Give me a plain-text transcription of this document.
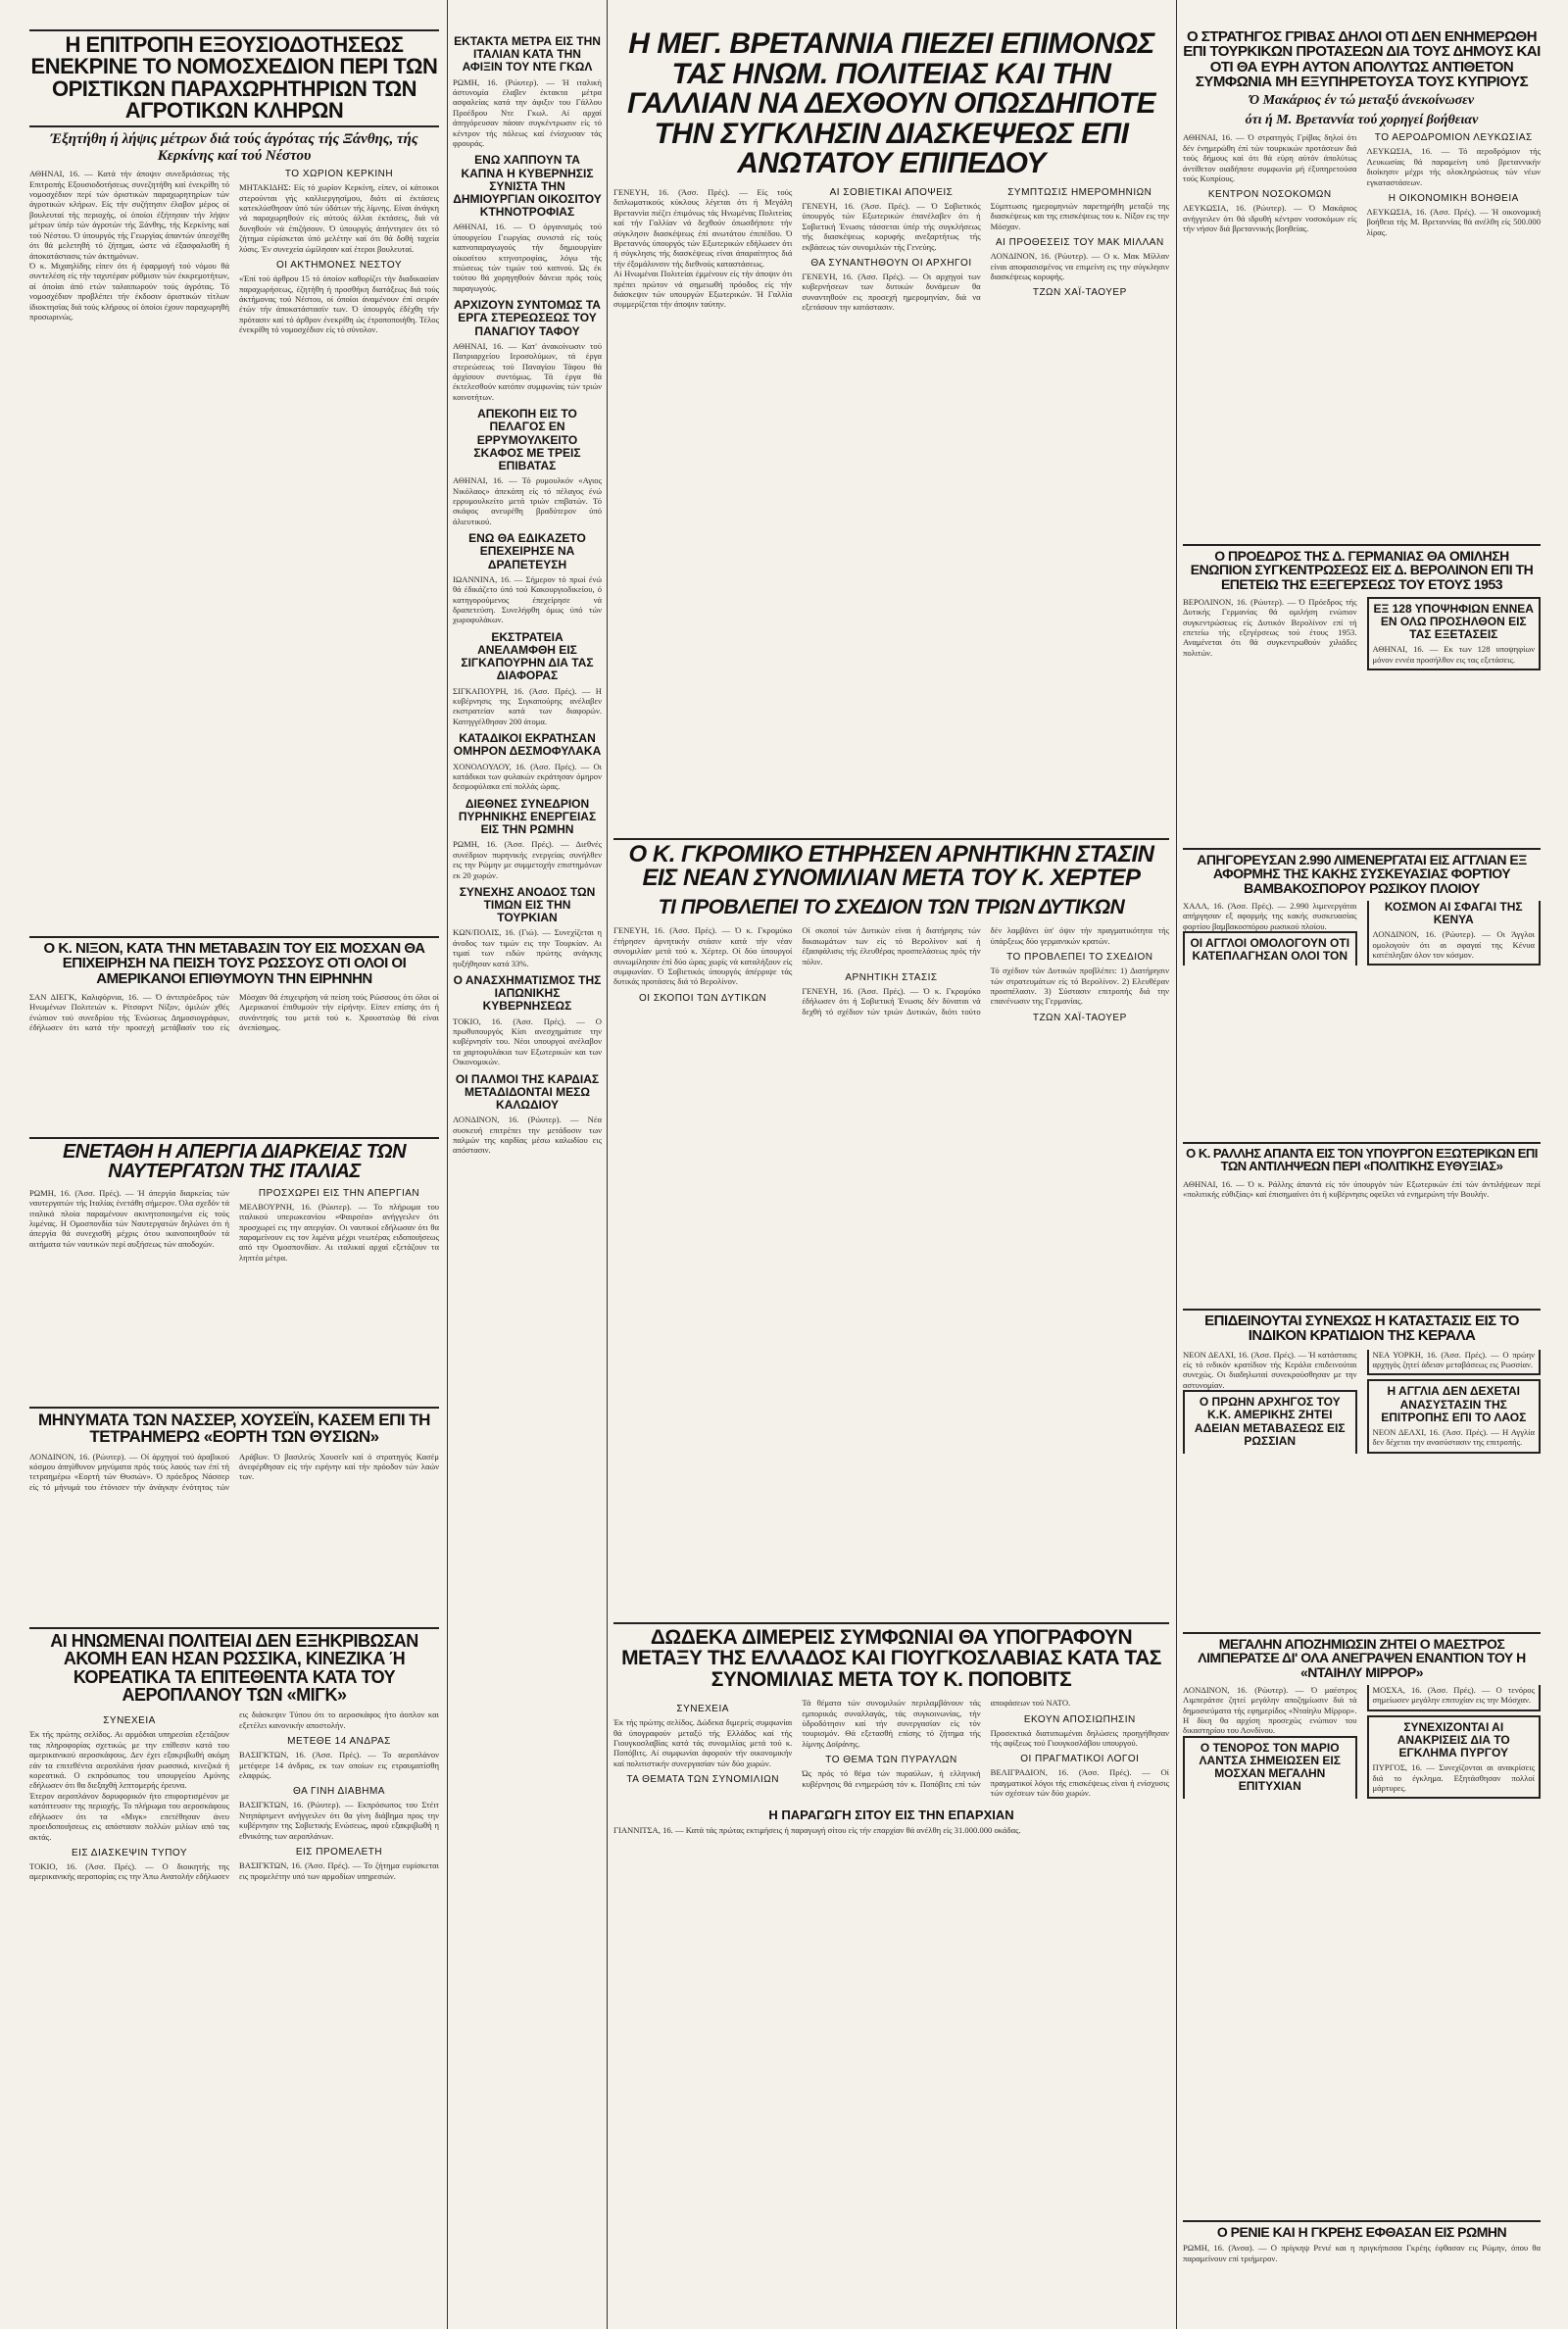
Η ΕΠΙΤΡΟΠΗ ΕΞΟΥΣΙΟΔΟΤΗΣΕΩΣ ΕΝΕΚΡΙΝΕ ΤΟ ΝΟΜΟΣΧΕΔΙΟΝ ΠΕΡΙ ΤΩΝ ΟΡΙΣΤΙΚΩΝ ΠΑΡΑΧΩΡΗΤΗΡΙΩΝ ΤΩΝ ΑΓΡΟΤΙΚΩΝ ΚΛΗΡΩΝ

Έξητήθη ή λήψις μέτρων διά τούς άγρότας τής Ξάνθης, τής Κερκίνης καί τού Νέστου

ΑΘΗΝΑΙ, 16. — Κατά τήν άποψιν συνεδριάσεως τής Επιτροπής Εξουσιοδοτήσεως συνεζητήθη καί ένεκρίθη τό νομοσχέδιον περί τών όριστικών παραχωρητηρίων τών άγροτικών κλήρων. Είς τήν συζήτησιν έλαβον μέρος οί βουλευταί τής περιοχής, οί όποίοι έξήτησαν τήν λήψιν μέτρων ύπέρ τών άγροτών τής Ξάνθης, τής Κερκίνης καί τού Νέστου. Ό ύπουργός τής Γεωργίας άπαντών ύπεσχέθη ότι θά μελετηθή τό ζήτημα, ώστε νά έξασφαλισθή ή άποκατάστασις τών άκτημόνων.

Ό κ. Μιχαηλίδης είπεν ότι ή έφαρμογή τού νόμου θά συντελέση είς τήν ταχυτέραν ρύθμισιν τών έκκρεμοτήτων, αί όποίαι άπό ετών ταλαιπωρούν τούς άγρότας. Τό νομοσχέδιον προβλέπει τήν έκδοσιν όριστικών τίτλων ίδιοκτησίας διά τούς κλήρους οί όποίοι έχουν παραχωρηθή προσωρινώς.

ΤΟ ΧΩΡΙΟΝ ΚΕΡΚΙΝΗ

ΜΗΤΑΚΙΔΗΣ: Είς τό χωρίον Κερκίνη, είπεν, οί κάτοικοι στερούνται γής καλλιεργησίμου, διότι αί έκτάσεις κατεκλύσθησαν ύπό τών ύδάτων τής λίμνης. Είναι άνάγκη νά παραχωρηθούν είς αύτούς άλλαι έκτάσεις, διά νά δυνηθούν νά έπιζήσουν. Ό ύπουργός άπήντησεν ότι τό ζήτημα εύρίσκεται ύπό μελέτην καί ότι θά δοθή ταχεία λύσις. Έν συνεχεία ώμίλησαν καί έτεροι βουλευταί.

ΟΙ ΑΚΤΗΜΟΝΕΣ ΝΕΣΤΟΥ

«Έπί τού άρθρου 15 τό όποίον καθορίζει τήν διαδικασίαν παραχωρήσεως, έζητήθη ή προσθήκη διατάξεως διά τούς άκτήμονας τού Νέστου, οί όποίοι άναμένουν έπί σειράν έτών τήν άποκατάστασίν των. Ό ύπουργός έδέχθη τήν πρότασιν καί τό άρθρον ένεκρίθη ώς έτροποποιήθη. Τέλος ένεκρίθη τό νομοσχέδιον είς τό σύνολον.

Ο Κ. ΝΙΞΟΝ, ΚΑΤΑ ΤΗΝ ΜΕΤΑΒΑΣΙΝ ΤΟΥ ΕΙΣ ΜΟΣΧΑΝ ΘΑ ΕΠΙΧΕΙΡΗΣΗ ΝΑ ΠΕΙΣΗ ΤΟΥΣ ΡΩΣΣΟΥΣ ΟΤΙ ΟΛΟΙ ΟΙ ΑΜΕΡΙΚΑΝΟΙ ΕΠΙΘΥΜΟΥΝ ΤΗΝ ΕΙΡΗΝΗΝ

ΣΑΝ ΔΙΕΓΚ, Καλιφόρνια, 16. — Ό άντιπρόεδρος τών Ηνωμένων Πολιτειών κ. Ρίτσαρντ Νίξον, όμιλών χθές ένώπιον τού συνεδρίου τής Ένώσεως Δημοσιογράφων, έδήλωσεν ότι κατά τήν προσεχή μετάβασίν του είς Μόσχαν θά έπιχειρήση νά πείση τούς Ρώσσους ότι όλοι οί Αμερικανοί έπιθυμούν τήν είρήνην. Είπεν επίσης ότι ή συνάντησίς του μετά τού κ. Χρουστσώφ θά είναι άνεπίσημος.

ΕΝΕΤΑΘΗ Η ΑΠΕΡΓΙΑ ΔΙΑΡΚΕΙΑΣ ΤΩΝ ΝΑΥΤΕΡΓΑΤΩΝ ΤΗΣ ΙΤΑΛΙΑΣ

ΡΩΜΗ, 16. (Άσσ. Πρές). — Ή άπεργία διαρκείας τών ναυτεργατών τής Ιταλίας ένετάθη σήμερον. Όλα σχεδόν τά ιταλικά πλοία παραμένουν ακινητοποιημένα είς τούς λιμένας. Η Ομοσπονδία τών Ναυτεργατών δηλώνει ότι ή άπεργία θά συνεχισθή μέχρις ότου ικανοποιηθούν τά αιτήματα τών ναυτικών περί αυξήσεως τών αποδοχών.

ΠΡΟΣΧΩΡΕΙ ΕΙΣ ΤΗΝ ΑΠΕΡΓΙΑΝ

ΜΕΛΒΟΥΡΝΗ, 16. (Ρώυτερ). — Το πλήρωμα του ιταλικού υπερωκεανίου «Φαιρσέα» ανήγγειλεν ότι προσχωρεί εις την απεργίαν. Οι ναυτικοί εδήλωσαν ότι θα παραμείνουν εις τον λιμένα μέχρι νεωτέρας ειδοποιήσεως από την Ομοσπονδίαν. Αι ιταλικαί αρχαί εξετάζουν τα ληπτέα μέτρα.

ΜΗΝΥΜΑΤΑ ΤΩΝ ΝΑΣΣΕΡ, ΧΟΥΣΕΪΝ, ΚΑΣΕΜ ΕΠΙ ΤΗ ΤΕΤΡΑΗΜΕΡΩ «ΕΟΡΤΗ ΤΩΝ ΘΥΣΙΩΝ»

ΛΟΝΔΙΝΟΝ, 16. (Ρώυτερ). — Οί άρχηγοί τού άραβικού κόσμου άπηύθυνον μηνύματα πρός τούς λαούς των έπί τή τετραημέρω «Εορτή τών Θυσιών». Ό πρόεδρος Νάσσερ είς τό μήνυμά του έτόνισεν τήν άνάγκην ένότητος τών Αράβων. Ό βασιλεύς Χουσεΐν καί ό στρατηγός Κασέμ άνεφέρθησαν είς τήν ειρήνην καί τήν πρόοδον τών λαών των.

ΑΙ ΗΝΩΜΕΝΑΙ ΠΟΛΙΤΕΙΑΙ ΔΕΝ ΕΞΗΚΡΙΒΩΣΑΝ ΑΚΟΜΗ ΕΑΝ ΗΣΑΝ ΡΩΣΣΙΚΑ, ΚΙΝΕΖΙΚΑ Ή ΚΟΡΕΑΤΙΚΑ ΤΑ ΕΠΙΤΕΘΕΝΤΑ ΚΑΤΑ ΤΟΥ ΑΕΡΟΠΛΑΝΟΥ ΤΩΝ «ΜΙΓΚ»
ΣΥΝΕΧΕΙΑ

Έκ τής πρώτης σελίδος. Αι αρμόδιαι υπηρεσίαι εξετάζουν τας πληροφορίας σχετικώς με την επίθεσιν κατά του αμερικανικού αεροσκάφους. Δεν έχει εξακριβωθή ακόμη εάν τα επιτεθέντα αεροπλάνα ήσαν ρωσσικά, κινεζικά ή κορεατικά. Ο εκπρόσωπος του υπουργείου Αμύνης εδήλωσεν ότι θα διεξαχθή λεπτομερής έρευνα.

Έτερον αεροπλάνον δορυφορικόν ήτο επιφορτισμένον με κατόπτευσιν της περιοχής. Το πλήρωμα του αεροσκάφους εδήλωσεν ότι τα «Μιγκ» επετέθησαν άνευ προειδοποιήσεως εις απόστασιν πολλών μιλίων από τας ακτάς.

ΕΙΣ ΔΙΑΣΚΕΨΙΝ ΤΥΠΟΥ

ΤΟΚΙΟ, 16. (Άσσ. Πρές). — Ο διοικητής της αμερικανικής αεροπορίας εις την Άπω Ανατολήν εδήλωσεν εις διάσκεψιν Τύπου ότι το αεροσκάφος ήτο άοπλον και εξετέλει κανονικήν αποστολήν.

ΜΕΤΕΘΕ 14 ΑΝΔΡΑΣ

ΒΑΣΙΓΚΤΩΝ, 16. (Άσσ. Πρές). — Το αεροπλάνον μετέφερε 14 άνδρας, εκ των οποίων εις ετραυματίσθη ελαφρώς.

ΘΑ ΓΙΝΗ ΔΙΑΒΗΜΑ

ΒΑΣΙΓΚΤΩΝ, 16. (Ρώυτερ). — Εκπρόσωπος του Στέιτ Ντηπάρτμεντ ανήγγειλεν ότι θα γίνη διάβημα προς την κυβέρνησιν της Σοβιετικής Ενώσεως, αφού εξακριβωθή η εθνικότης των αεροπλάνων.

ΕΙΣ ΠΡΟΜΕΛΕΤΗ

ΒΑΣΙΓΚΤΩΝ, 16. (Άσσ. Πρές). — Το ζήτημα ευρίσκεται εις προμελέτην υπό των αρμοδίων υπηρεσιών.

ΕΚΤΑΚΤΑ ΜΕΤΡΑ ΕΙΣ ΤΗΝ ΙΤΑΛΙΑΝ ΚΑΤΑ ΤΗΝ ΑΦΙΞΙΝ ΤΟΥ ΝΤΕ ΓΚΩΛ

ΡΩΜΗ, 16. (Ρώυτερ). — Ή ιταλική άστυνομία έλαβεν έκτακτα μέτρα ασφαλείας κατά την άφιξιν του Γάλλου Προέδρου Ντε Γκωλ. Αί αρχαί άπηγόρευσαν πάσαν συγκέντρωσιν είς τό κέντρον τής πόλεως καί ένίσχυσαν τάς φρουράς.

ΕΝΩ ΧΑΠΠΟΥΝ ΤΑ ΚΑΠΝΑ Η ΚΥΒΕΡΝΗΣΙΣ ΣΥΝΙΣΤΑ ΤΗΝ ΔΗΜΙΟΥΡΓΙΑΝ ΟΙΚΟΣΙΤΟΥ ΚΤΗΝΟΤΡΟΦΙΑΣ

ΑΘΗΝΑΙ, 16. — Ό όργανισμός τού ύπουργείου Γεωργίας συνιστά είς τούς καπνοπαραγωγούς τήν δημιουργίαν οίκοσίτου κτηνοτροφίας, λόγω τής πτώσεως τών τιμών τού καπνού. Ώς έκ τούτου θά χορηγηθούν δάνεια πρός τούς παραγωγούς.

ΑΡΧΙΖΟΥΝ ΣΥΝΤΟΜΩΣ ΤΑ ΕΡΓΑ ΣΤΕΡΕΩΣΕΩΣ ΤΟΥ ΠΑΝΑΓΙΟΥ ΤΑΦΟΥ

ΑΘΗΝΑΙ, 16. — Κατ' άνακοίνωσιν τού Πατριαρχείου Ιεροσολύμων, τά έργα στερεώσεως τού Παναγίου Τάφου θά άρχίσουν συντόμως. Τά έργα θά έκτελεσθούν κατόπιν συμφωνίας τών τριών κοινοτήτων.

ΑΠΕΚΟΠΗ ΕΙΣ ΤΟ ΠΕΛΑΓΟΣ ΕΝ ΕΡΡΥΜΟΥΛΚΕΙΤΟ ΣΚΑΦΟΣ ΜΕ ΤΡΕΙΣ ΕΠΙΒΑΤΑΣ

ΑΘΗΝΑΙ, 16. — Τό ρυμουλκόν «Αγιος Νικόλαος» άπεκόπη είς τό πέλαγος ένώ ερρυμουλκείτο μετά τριών επιβατών. Τό σκάφος ανευρέθη βραδύτερον ύπό άλιευτικού.

ΕΝΩ ΘΑ ΕΔΙΚΑΖΕΤΟ ΕΠΕΧΕΙΡΗΣΕ ΝΑ ΔΡΑΠΕΤΕΥΣΗ

ΙΩΑΝΝΙΝΑ, 16. — Σήμερον τό πρωί ένώ θά έδικάζετο ύπό τού Κακουργιοδικείου, ό κατηγορούμενος έπεχείρησε νά δραπετεύση. Συνελήφθη όμως ύπό τών χωροφυλάκων.

ΕΚΣΤΡΑΤΕΙΑ ΑΝΕΛΑΜΦΘΗ ΕΙΣ ΣΙΓΚΑΠΟΥΡΗΝ ΔΙΑ ΤΑΣ ΔΙΑΦΟΡΑΣ

ΣΙΓΚΑΠΟΥΡΗ, 16. (Άσσ. Πρές). — Η κυβέρνησις της Σιγκαπούρης ανέλαβεν εκστρατείαν κατά των διαφορών. Κατηγγέλθησαν 200 άτομα.

ΚΑΤΑΔΙΚΟΙ ΕΚΡΑΤΗΣΑΝ ΟΜΗΡΟΝ ΔΕΣΜΟΦΥΛΑΚΑ

ΧΟΝΟΛΟΥΛΟΥ, 16. (Άσσ. Πρές). — Οι κατάδικοι των φυλακών εκράτησαν όμηρον δεσμοφύλακα επί πολλάς ώρας.

ΔΙΕΘΝΕΣ ΣΥΝΕΔΡΙΟΝ ΠΥΡΗΝΙΚΗΣ ΕΝΕΡΓΕΙΑΣ ΕΙΣ ΤΗΝ ΡΩΜΗΝ

ΡΩΜΗ, 16. (Άσσ. Πρές). — Διεθνές συνέδριον πυρηνικής ενεργείας συνήλθεν εις την Ρώμην με συμμετοχήν επιστημόνων εκ 20 χωρών.

ΣΥΝΕΧΗΣ ΑΝΟΔΟΣ ΤΩΝ ΤΙΜΩΝ ΕΙΣ ΤΗΝ ΤΟΥΡΚΙΑΝ

ΚΩΝ/ΠΟΛΙΣ, 16. (Γιώ). — Συνεχίζεται η άνοδος των τιμών εις την Τουρκίαν. Αι τιμαί των ειδών πρώτης ανάγκης ηυξήθησαν κατά 33%.

Ο ΑΝΑΣΧΗΜΑΤΙΣΜΟΣ ΤΗΣ ΙΑΠΩΝΙΚΗΣ ΚΥΒΕΡΝΗΣΕΩΣ

ΤΟΚΙΟ, 16. (Άσσ. Πρές). — Ο πρωθυπουργός Κίσι ανεσχημάτισε την κυβέρνησίν του. Νέοι υπουργοί ανέλαβον τα χαρτοφυλάκια των Εξωτερικών και των Οικονομικών.

ΟΙ ΠΑΛΜΟΙ ΤΗΣ ΚΑΡΔΙΑΣ ΜΕΤΑΔΙΔΟΝΤΑΙ ΜΕΣΩ ΚΑΛΩΔΙΟΥ

ΛΟΝΔΙΝΟΝ, 16. (Ρώυτερ). — Νέα συσκευή επιτρέπει την μετάδοσιν των παλμών της καρδίας μέσω καλωδίου εις απόστασιν.

Η ΜΕΓ. ΒΡΕΤΑΝΝΙΑ ΠΙΕΖΕΙ ΕΠΙΜΟΝΩΣ ΤΑΣ ΗΝΩΜ. ΠΟΛΙΤΕΙΑΣ ΚΑΙ ΤΗΝ ΓΑΛΛΙΑΝ ΝΑ ΔΕΧΘΟΥΝ ΟΠΩΣΔΗΠΟΤΕ ΤΗΝ ΣΥΓΚΛΗΣΙΝ ΔΙΑΣΚΕΨΕΩΣ ΕΠΙ ΑΝΩΤΑΤΟΥ ΕΠΙΠΕΔΟΥ

ΓΕΝΕΥΗ, 16. (Άσσ. Πρές). — Είς τούς διπλωματικούς κύκλους λέγεται ότι ή Μεγάλη Βρεταννία πιέζει έπιμόνως τάς Ηνωμένας Πολιτείας καί τήν Γαλλίαν νά δεχθούν όπωσδήποτε τήν σύγκλησιν διασκέψεως έπί ανωτάτου έπιπέδου. Ό Βρεταννός ύπουργός τών Εξωτερικών εδήλωσεν ότι ή σύγκλησις τής διασκέψεως είναι άπαραίτητος διά τήν έξομάλυνσιν τής διεθνούς καταστάσεως.

Αί Ηνωμέναι Πολιτείαι έμμένουν είς τήν άποψιν ότι πρέπει πρώτον νά σημειωθή πρόοδος είς τήν διάσκεψιν τών υπουργών Εξωτερικών. Ή Γαλλία συμμερίζεται τήν άποψιν ταύτην.

ΑΙ ΣΟΒΙΕΤΙΚΑΙ ΑΠΟΨΕΙΣ

ΓΕΝΕΥΗ, 16. (Άσσ. Πρές). — Ό Σοβιετικός ύπουργός τών Εξωτερικών έπανέλαβεν ότι ή Σοβιετική Ένωσις τάσσεται ύπέρ τής συγκλήσεως τής διασκέψεως κορυφής ανεξαρτήτως τής εκβάσεως τών συνομιλιών τής Γενεύης.

ΘΑ ΣΥΝΑΝΤΗΘΟΥΝ ΟΙ ΑΡΧΗΓΟΙ

ΓΕΝΕΥΗ, 16. (Άσσ. Πρές). — Οι αρχηγοί των κυβερνήσεων των δυτικών δυνάμεων θα συναντηθούν εις προσεχή ημερομηνίαν, διά να εξετάσουν την κατάστασιν.

ΣΥΜΠΤΩΣΙΣ ΗΜΕΡΟΜΗΝΙΩΝ

Σύμπτωσις ημερομηνιών παρετηρήθη μεταξύ της διασκέψεως και της επισκέψεως του κ. Νίξον εις την Μόσχαν.

ΑΙ ΠΡΟΘΕΣΕΙΣ ΤΟΥ ΜΑΚ ΜΙΛΛΑΝ

ΛΟΝΔΙΝΟΝ, 16. (Ρώυτερ). — Ο κ. Μακ Μίλλαν είναι αποφασισμένος να επιμείνη εις την σύγκλησιν διασκέψεως κορυφής.

ΤΖΩΝ ΧΑΪ-ΤΑΟΥΕΡ
Ο Κ. ΓΚΡΟΜΙΚΟ ΕΤΗΡΗΣΕΝ ΑΡΝΗΤΙΚΗΝ ΣΤΑΣΙΝ ΕΙΣ ΝΕΑΝ ΣΥΝΟΜΙΛΙΑΝ ΜΕΤΑ ΤΟΥ Κ. ΧΕΡΤΕΡ
ΤΙ ΠΡΟΒΛΕΠΕΙ ΤΟ ΣΧΕΔΙΟΝ ΤΩΝ ΤΡΙΩΝ ΔΥΤΙΚΩΝ

ΓΕΝΕΥΗ, 16. (Άσσ. Πρές). — Ό κ. Γκρομύκο έτήρησεν άρνητικήν στάσιν κατά τήν νέαν συνομιλίαν μετά τού κ. Χέρτερ. Οί δύο ύπουργοί συνωμίλησαν έπί δύο ώρας χωρίς νά καταλήξουν είς συμφωνίαν. Ό Σοβιετικός ύπουργός άπέρριψε τάς δυτικάς προτάσεις διά τό Βερολίνον.

ΟΙ ΣΚΟΠΟΙ ΤΩΝ ΔΥΤΙΚΩΝ

Οί σκοποί τών Δυτικών είναι ή διατήρησις τών δικαιωμάτων των είς τό Βερολίνον καί ή έξασφάλισις τής έλευθέρας προσπελάσεως πρός τήν πόλιν.

ΑΡΝΗΤΙΚΗ ΣΤΑΣΙΣ

ΓΕΝΕΥΗ, 16. (Άσσ. Πρές). — Ό κ. Γκρομύκο έδήλωσεν ότι ή Σοβιετική Ένωσις δέν δύναται νά δεχθή τό σχέδιον τών τριών Δυτικών, διότι τούτο δέν λαμβάνει ύπ' όψιν τήν πραγματικότητα τής ύπάρξεως δύο γερμανικών κρατών.

ΤΟ ΠΡΟΒΛΕΠΕΙ ΤΟ ΣΧΕΔΙΟΝ

Τό σχέδιον τών Δυτικών προβλέπει: 1) Διατήρησιν τών στρατευμάτων είς τό Βερολίνον. 2) Ελευθέραν προσπέλασιν. 3) Σύστασιν επιτροπής διά την επανένωσιν της Γερμανίας.

ΤΖΩΝ ΧΑΪ-ΤΑΟΥΕΡ
ΔΩΔΕΚΑ ΔΙΜΕΡΕΙΣ ΣΥΜΦΩΝΙΑΙ ΘΑ ΥΠΟΓΡΑΦΟΥΝ ΜΕΤΑΞΥ ΤΗΣ ΕΛΛΑΔΟΣ ΚΑΙ ΓΙΟΥΓΚΟΣΛΑΒΙΑΣ ΚΑΤΑ ΤΑΣ ΣΥΝΟΜΙΛΙΑΣ ΜΕΤΑ ΤΟΥ Κ. ΠΟΠΟΒΙΤΣ
ΣΥΝΕΧΕΙΑ

Έκ τής πρώτης σελίδος. Δώδεκα διμερείς συμφωνίαι θά ύπογραφούν μεταξύ τής Ελλάδος καί τής Γιουγκοσλαβίας κατά τάς συνομιλίας μετά τού κ. Ποπόβιτς. Αί συμφωνίαι άφορούν τήν οικονομικήν καί πολιτιστικήν συνεργασίαν τών δύο χωρών.

ΤΑ ΘΕΜΑΤΑ ΤΩΝ ΣΥΝΟΜΙΛΙΩΝ

Τά θέματα τών συνομιλιών περιλαμβάνουν τάς εμπορικάς συναλλαγάς, τάς συγκοινωνίας, τήν ύδροδότησιν καί τήν συνεργασίαν είς τόν τουρισμόν. Θά εξετασθή επίσης τό ζήτημα τής λίμνης Δοϊράνης.

ΤΟ ΘΕΜΑ ΤΩΝ ΠΥΡΑΥΛΩΝ

Ώς πρός τό θέμα τών πυραύλων, ή ελληνική κυβέρνησις θά ενημερώση τόν κ. Ποπόβιτς επί τών αποφάσεων τού ΝΑΤΟ.

ΕΚΟΥΝ ΑΠΟΣΙΩΠΗΣΙΝ

Προσεκτικά διατυπωμέναι δηλώσεις προηγήθησαν τής αφίξεως τού Γιουγκοσλάβου υπουργού.

ΟΙ ΠΡΑΓΜΑΤΙΚΟΙ ΛΟΓΟΙ

ΒΕΛΙΓΡΑΔΙΟΝ, 16. (Άσσ. Πρές). — Οί πραγματικοί λόγοι τής επισκέψεως είναι ή ενίσχυσις τών σχέσεων τών δύο χωρών.

Η ΠΑΡΑΓΩΓΗ ΣΙΤΟΥ ΕΙΣ ΤΗΝ ΕΠΑΡΧΙΑΝ

ΓΙΑΝΝΙΤΣΑ, 16. — Κατά τάς πρώτας εκτιμήσεις ή παραγωγή σίτου είς τήν επαρχίαν θά ανέλθη είς 31.000.000 οκάδας.

Ο ΣΤΡΑΤΗΓΟΣ ΓΡΙΒΑΣ ΔΗΛΟΙ ΟΤΙ ΔΕΝ ΕΝΗΜΕΡΩΘΗ ΕΠΙ ΤΟΥΡΚΙΚΩΝ ΠΡΟΤΑΣΕΩΝ ΔΙΑ ΤΟΥΣ ΔΗΜΟΥΣ ΚΑΙ ΟΤΙ ΘΑ ΕΥΡΗ ΑΥΤΟΝ ΑΠΟΛΥΤΩΣ ΑΝΤΙΘΕΤΟΝ ΣΥΜΦΩΝΙΑ ΜΗ ΕΞΥΠΗΡΕΤΟΥΣΑ ΤΟΥΣ ΚΥΠΡΙΟΥΣ

Ό Μακάριος έν τώ μεταξύ άνεκοίνωσεν

ότι ή Μ. Βρεταννία τού χορηγεί βοήθειαν

ΑΘΗΝΑΙ, 16. — Ό στρατηγός Γρίβας δηλοί ότι δέν ένημερώθη έπί τών τουρκικών προτάσεων διά τούς δήμους καί ότι θά εύρη αύτόν άπολύτως άντίθετον οιαδήποτε συμφωνία μή έξυπηρετούσα τούς Κυπρίους.

ΚΕΝΤΡΟΝ ΝΟΣΟΚΟΜΩΝ

ΛΕΥΚΩΣΙΑ, 16. (Ρώυτερ). — Ό Μακάριος ανήγγειλεν ότι θά ιδρυθή κέντρον νοσοκόμων είς τήν νήσον διά βρεταννικής βοηθείας.

ΤΟ ΑΕΡΟΔΡΟΜΙΟΝ ΛΕΥΚΩΣΙΑΣ

ΛΕΥΚΩΣΙΑ, 16. — Τό αεροδρόμιον τής Λευκωσίας θά παραμείνη υπό βρεταννικήν διοίκησιν μέχρι τής ολοκληρώσεως τών νέων εγκαταστάσεων.

Η ΟΙΚΟΝΟΜΙΚΗ ΒΟΗΘΕΙΑ

ΛΕΥΚΩΣΙΑ, 16. (Άσσ. Πρές). — Ή οικονομική βοήθεια τής Μ. Βρεταννίας θά ανέλθη είς 500.000 λίρας.

Ο ΠΡΟΕΔΡΟΣ ΤΗΣ Δ. ΓΕΡΜΑΝΙΑΣ ΘΑ ΟΜΙΛΗΣΗ ΕΝΩΠΙΟΝ ΣΥΓΚΕΝΤΡΩΣΕΩΣ ΕΙΣ Δ. ΒΕΡΟΛΙΝΟΝ ΕΠΙ ΤΗ ΕΠΕΤΕΙΩ ΤΗΣ ΕΞΕΓΕΡΣΕΩΣ ΤΟΥ ΕΤΟΥΣ 1953

ΒΕΡΟΛΙΝΟΝ, 16. (Ρώυτερ). — Ό Πρόεδρος τής Δυτικής Γερμανίας θά ομιλήση ενώπιον συγκεντρώσεως είς Δυτικόν Βερολίνον επί τή επετείω τής εξεγέρσεως τού έτους 1953. Αναμένεται ότι θά συγκεντρωθούν χιλιάδες πολιτών.

ΕΞ 128 ΥΠΟΨΗΦΙΩΝ ΕΝΝΕΑ ΕΝ ΟΛΩ ΠΡΟΣΗΛΘΟΝ ΕΙΣ ΤΑΣ ΕΞΕΤΑΣΕΙΣ

ΑΘΗΝΑΙ, 16. — Εκ των 128 υποψηφίων μόνον εννέα προσήλθον εις τας εξετάσεις.

ΑΠΗΓΟΡΕΥΣΑΝ 2.990 ΛΙΜΕΝΕΡΓΑΤΑΙ ΕΙΣ ΑΓΓΛΙΑΝ ΕΞ ΑΦΟΡΜΗΣ ΤΗΣ ΚΑΚΗΣ ΣΥΣΚΕΥΑΣΙΑΣ ΦΟΡΤΙΟΥ ΒΑΜΒΑΚΟΣΠΟΡΟΥ ΡΩΣΙΚΟΥ ΠΛΟΙΟΥ

ΧΑΛΛ, 16. (Άσσ. Πρές). — 2.990 λιμενεργάται απήργησαν εξ αφορμής της κακής συσκευασίας φορτίου βαμβακοσπόρου ρωσικού πλοίου.

ΟΙ ΑΓΓΛΟΙ ΟΜΟΛΟΓΟΥΝ ΟΤΙ ΚΑΤΕΠΛΑΓΗΣΑΝ ΟΛΟΙ ΤΟΝ ΚΟΣΜΟΝ ΑΙ ΣΦΑΓΑΙ ΤΗΣ ΚΕΝΥΑ

ΛΟΝΔΙΝΟΝ, 16. (Ρώυτερ). — Οι Άγγλοι ομολογούν ότι αι σφαγαί της Κένυα κατέπληξαν όλον τον κόσμον.

Ο Κ. ΡΑΛΛΗΣ ΑΠΑΝΤΑ ΕΙΣ ΤΟΝ ΥΠΟΥΡΓΟΝ ΕΞΩΤΕΡΙΚΩΝ ΕΠΙ ΤΩΝ ΑΝΤΙΛΗΨΕΩΝ ΠΕΡΙ «ΠΟΛΙΤΙΚΗΣ ΕΥΘΥΞΙΑΣ»

ΑΘΗΝΑΙ, 16. — Ό κ. Ράλλης άπαντά είς τόν ύπουργόν τών Εξωτερικών έπί τών άντιλήψεων περί «πολιτικής εύθιξίας» καί έπισημαίνει ότι ή κυβέρνησις οφείλει νά ενημερώνη τήν Βουλήν.

ΕΠΙΔΕΙΝΟΥΤΑΙ ΣΥΝΕΧΩΣ Η ΚΑΤΑΣΤΑΣΙΣ ΕΙΣ ΤΟ ΙΝΔΙΚΟΝ ΚΡΑΤΙΔΙΟΝ ΤΗΣ ΚΕΡΑΛΑ

ΝΕΟΝ ΔΕΛΧΙ, 16. (Άσσ. Πρές). — Ή κατάστασις είς τό ινδικόν κρατίδιον τής Κεράλα επιδεινούται συνεχώς. Οι διαδηλωταί συνεκρούσθησαν με την αστυνομίαν.

Ο ΠΡΩΗΝ ΑΡΧΗΓΟΣ ΤΟΥ Κ.Κ. ΑΜΕΡΙΚΗΣ ΖΗΤΕΙ ΑΔΕΙΑΝ ΜΕΤΑΒΑΣΕΩΣ ΕΙΣ ΡΩΣΣΙΑΝ

ΝΕΑ ΥΟΡΚΗ, 16. (Άσσ. Πρές). — Ο πρώην αρχηγός ζητεί άδειαν μεταβάσεως εις Ρωσσίαν.

Η ΑΓΓΛΙΑ ΔΕΝ ΔΕΧΕΤΑΙ ΑΝΑΣΥΣΤΑΣΙΝ ΤΗΣ ΕΠΙΤΡΟΠΗΣ ΕΠΙ ΤΟ ΛΑΟΣ

ΝΕΟΝ ΔΕΛΧΙ, 16. (Άσσ. Πρές). — Η Αγγλία δεν δέχεται την ανασύστασιν της επιτροπής.

ΜΕΓΑΛΗΝ ΑΠΟΖΗΜΙΩΣΙΝ ΖΗΤΕΙ Ο ΜΑΕΣΤΡΟΣ ΛΙΜΠΕΡΑΤΣΕ ΔΙ' ΟΛΑ ΑΝΕΓΡΑΨΕΝ ΕΝΑΝΤΙΟΝ ΤΟΥ Η «ΝΤΑΙΗΛΥ ΜΙΡΡΟΡ»

ΛΟΝΔΙΝΟΝ, 16. (Ρώυτερ). — Ό μαέστρος Λιμπεράτσε ζητεί μεγάλην αποζημίωσιν διά τά δημοσιεύματα τής εφημερίδος «Νταίηλυ Μίρρορ». Η δίκη θα αρχίση προσεχώς ενώπιον του δικαστηρίου του Λονδίνου.

Ο ΤΕΝΟΡΟΣ ΤΟΝ ΜΑΡΙΟ ΛΑΝΤΣΑ ΣΗΜΕΙΩΣΕΝ ΕΙΣ ΜΟΣΧΑΝ ΜΕΓΑΛΗΝ ΕΠΙΤΥΧΙΑΝ

ΜΟΣΧΑ, 16. (Άσσ. Πρές). — Ο τενόρος σημείωσεν μεγάλην επιτυχίαν εις την Μόσχαν.

ΣΥΝΕΧΙΖΟΝΤΑΙ ΑΙ ΑΝΑΚΡΙΣΕΙΣ ΔΙΑ ΤΟ ΕΓΚΛΗΜΑ ΠΥΡΓΟΥ

ΠΥΡΓΟΣ, 16. — Συνεχίζονται αι ανακρίσεις διά το έγκλημα. Εξητάσθησαν πολλοί μάρτυρες.

Ο ΡΕΝΙΕ ΚΑΙ Η ΓΚΡΕΗΣ ΕΦΘΑΣΑΝ ΕΙΣ ΡΩΜΗΝ

ΡΩΜΗ, 16. (Άνσα). — Ο πρίγκηψ Ρενιέ και η πριγκήπισσα Γκρέης έφθασαν εις Ρώμην, όπου θα παραμείνουν επί τριήμερον.
